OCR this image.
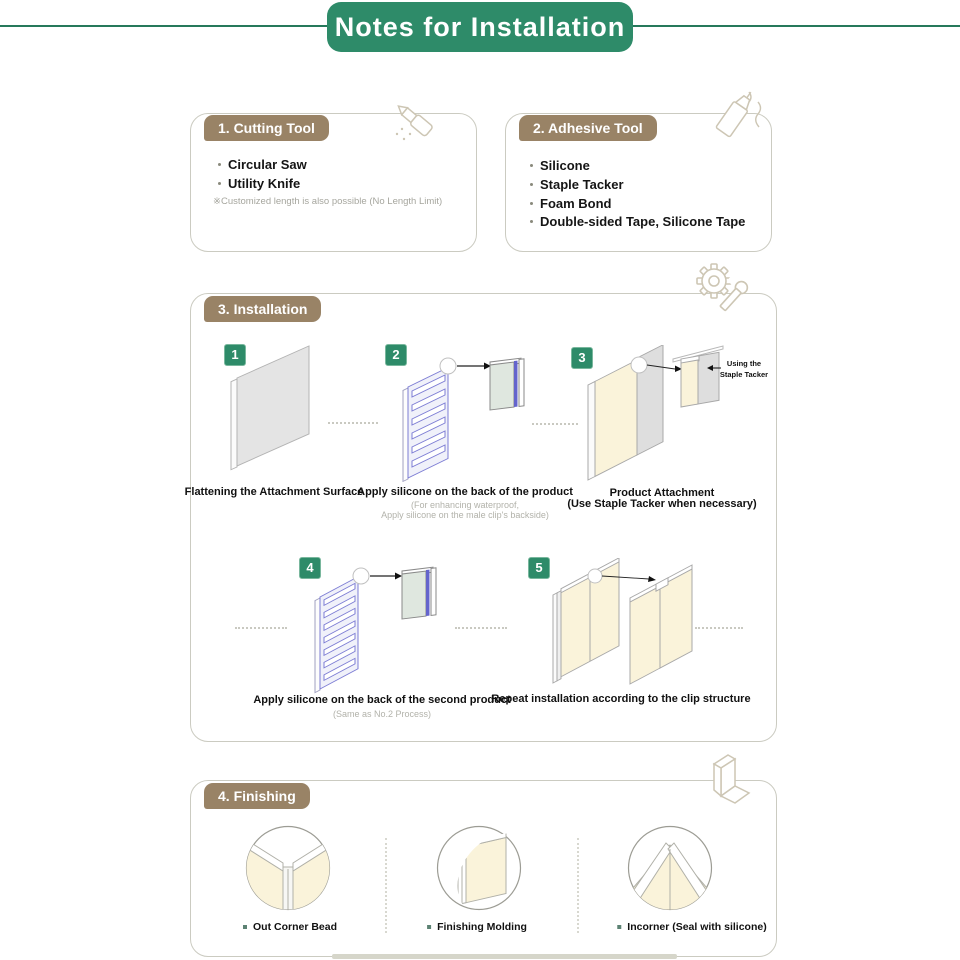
Notes for Installation
1. Cutting Tool
Circular Saw
Utility Knife
※Customized length is also possible (No Length Limit)
2. Adhesive Tool
Silicone
Staple Tacker
Foam Bond
Double-sided Tape, Silicone Tape
3. Installation
1	2	3
4	5
Using the
Staple Tacker
Flattening the Attachment Surface
Apply silicone on the back of the product
(For enhancing waterproof,
Apply silicone on the male clip's backside)
Product Attachment
(Use Staple Tacker when necessary)
Apply silicone on the back of the second product
(Same as No.2 Process)
Repeat installation according to the clip structure
4. Finishing
Out Corner Bead	Finishing Molding	Incorner (Seal with silicone)
